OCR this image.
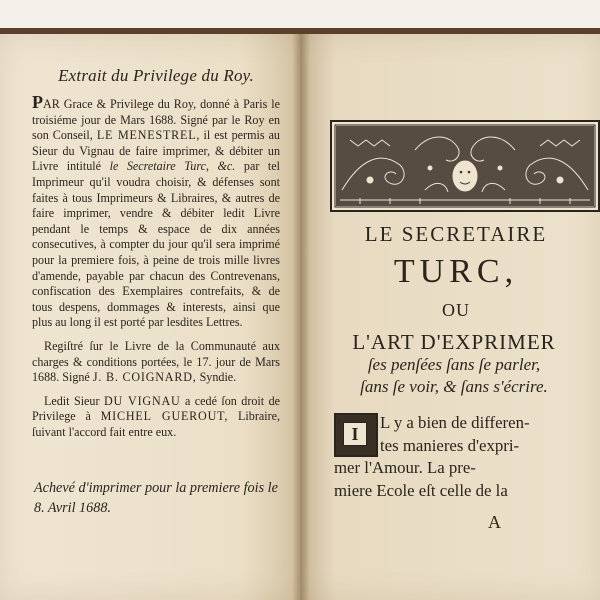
Extrait du Privilege du Roy.
PAR Grace & Privilege du Roy, donné à Paris le troisiéme jour de Mars 1688. Signé par le Roy en son Conseil, LE MENESTREL, il est permis au Sieur du Vignau de faire imprimer, & débiter un Livre intitulé le Secretaire Turc, &c. par tel Imprimeur qu'il voudra choisir, & défenses sont faites à tous Imprimeurs & Libraires, & autres de faire imprimer, vendre & débiter ledit Livre pendant le temps & espace de dix années consecutives, à compter du jour qu'il sera imprimé pour la premiere fois, à peine de trois mille livres d'amende, payable par chacun des Contrevenans, confiscation des Exemplaires contrefaits, & de tous despens, dommages & interests, ainsi que plus au long il est porté par lesdites Lettres.
Regiſtré ſur le Livre de la Communauté aux charges & conditions portées, le 17. jour de Mars 1688. Signé J. B. COIGNARD, Syndie.
Ledit Sieur DU VIGNAU a cedé ſon droit de Privilege à MICHEL GUEROUT, Libraire, ſuivant l'accord fait entre eux.
Achevé d'imprimer pour la premiere fois le 8. Avril 1688.
LE SECRETAIRE
TURC,
OU
L'ART D'EXPRIMER
ſes penſées ſans ſe parler,
ſans ſe voir, & ſans s'écrire.
I
L y a bien de differen-
tes manieres d'expri-
mer l'Amour. La pre-
miere Ecole eſt celle de la
A
